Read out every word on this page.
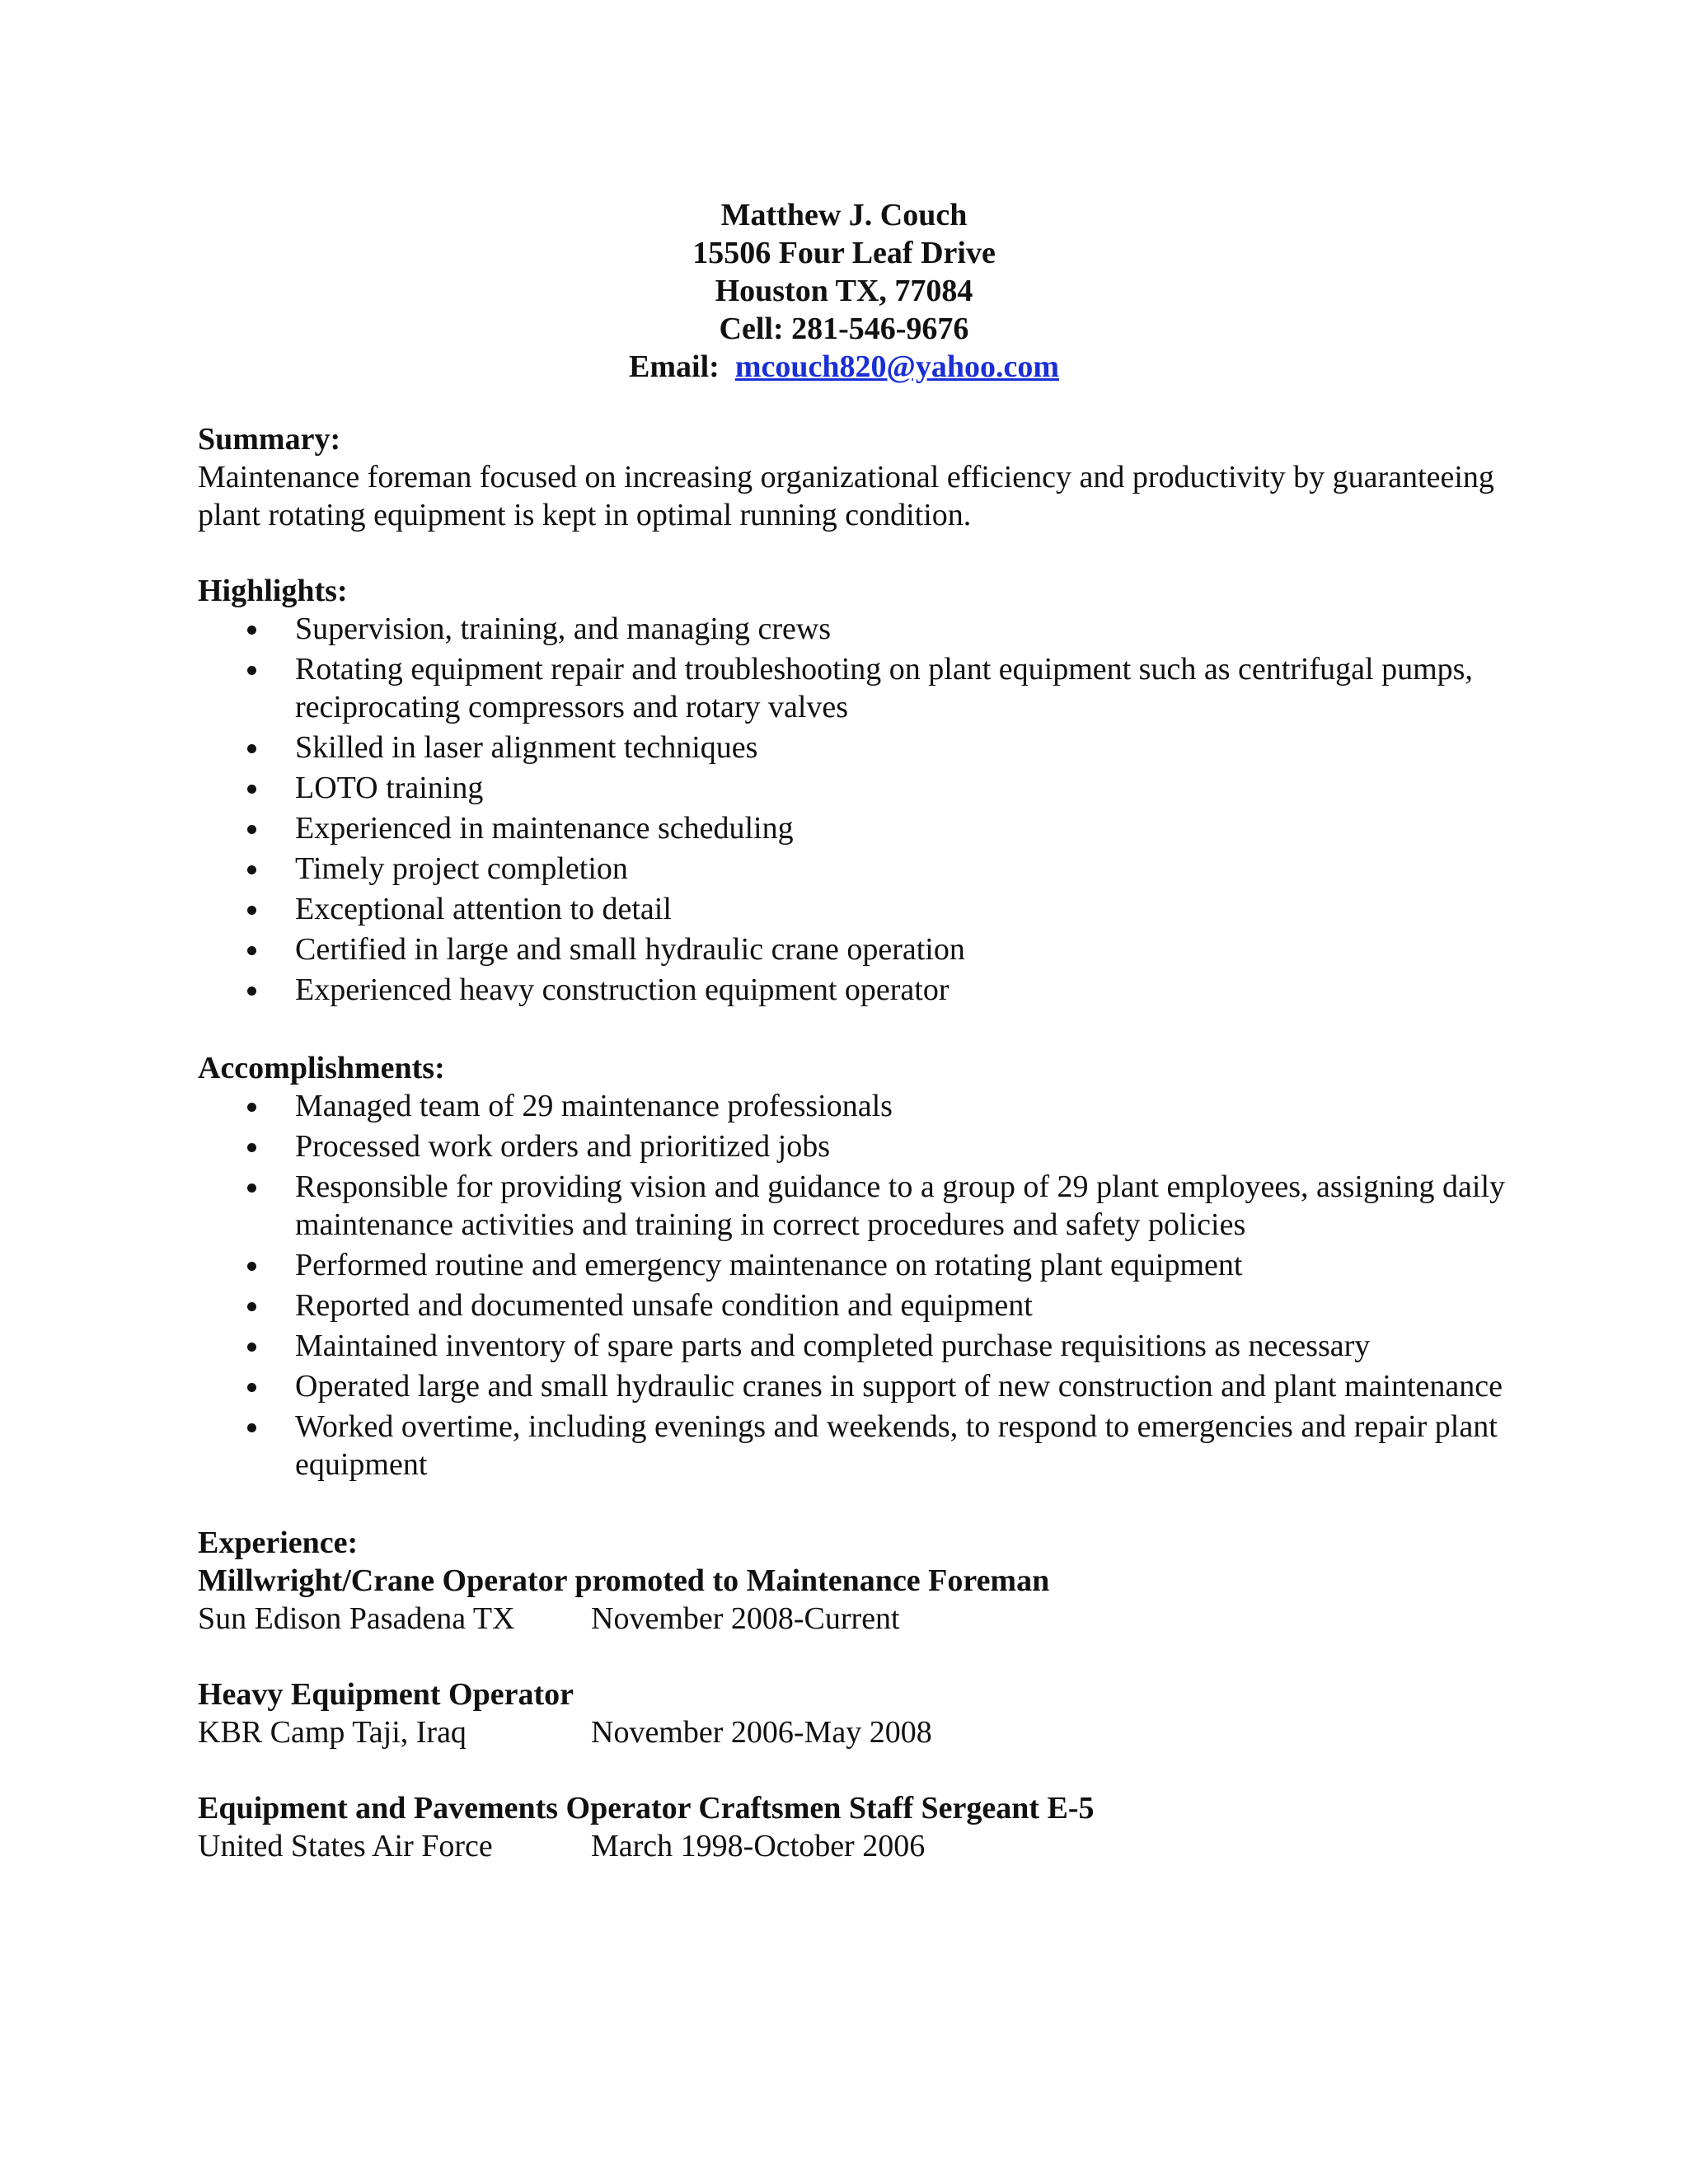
Matthew J. Couch
15506 Four Leaf Drive
Houston TX, 77084
Cell: 281-546-9676
Email: mcouch820@yahoo.com

Summary:

Maintenance foreman focused on increasing organizational efficiency and productivity by guaranteeing plant rotating equipment is kept in optimal running condition.

Highlights:

Supervision, training, and managing crews
Rotating equipment repair and troubleshooting on plant equipment such as centrifugal pumps, reciprocating compressors and rotary valves
Skilled in laser alignment techniques
LOTO training
Experienced in maintenance scheduling
Timely project completion
Exceptional attention to detail
Certified in large and small hydraulic crane operation
Experienced heavy construction equipment operator

Accomplishments:

Managed team of 29 maintenance professionals
Processed work orders and prioritized jobs
Responsible for providing vision and guidance to a group of 29 plant employees, assigning daily maintenance activities and training in correct procedures and safety policies
Performed routine and emergency maintenance on rotating plant equipment
Reported and documented unsafe condition and equipment
Maintained inventory of spare parts and completed purchase requisitions as necessary
Operated large and small hydraulic cranes in support of new construction and plant maintenance
Worked overtime, including evenings and weekends, to respond to emergencies and repair plant equipment

Experience:

Millwright/Crane Operator promoted to Maintenance Foreman

Sun Edison Pasadena TX	November 2008-Current

Heavy Equipment Operator

KBR Camp Taji, Iraq	November 2006-May 2008

Equipment and Pavements Operator Craftsmen Staff Sergeant E-5

United States Air Force	March 1998-October 2006
